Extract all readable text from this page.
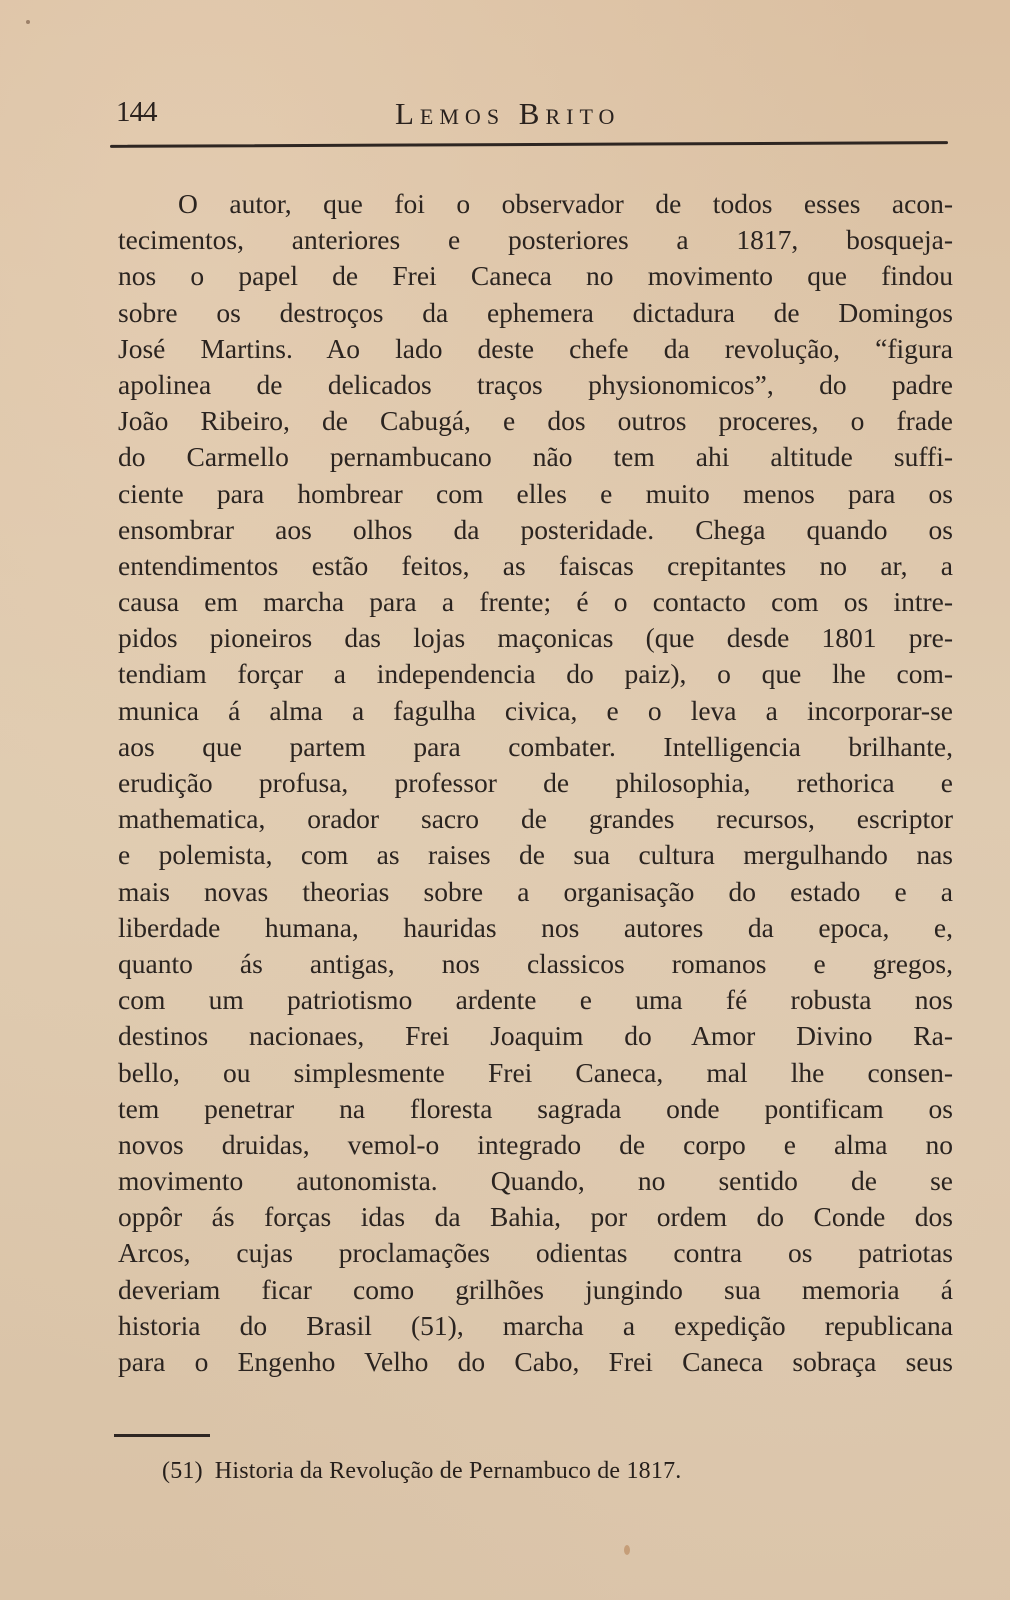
144	Lemos Brito
O autor, que foi o observador de todos esses acon-
tecimentos, anteriores e posteriores a 1817, bosqueja-
nos o papel de Frei Caneca no movimento que findou
sobre os destroços da ephemera dictadura de Domingos
José Martins. Ao lado deste chefe da revolução, “figura
apolinea de delicados traços physionomicos”, do padre
João Ribeiro, de Cabugá, e dos outros proceres, o frade
do Carmello pernambucano não tem ahi altitude suffi-
ciente para hombrear com elles e muito menos para os
ensombrar aos olhos da posteridade. Chega quando os
entendimentos estão feitos, as faiscas crepitantes no ar, a
causa em marcha para a frente; é o contacto com os intre-
pidos pioneiros das lojas maçonicas (que desde 1801 pre-
tendiam forçar a independencia do paiz), o que lhe com-
munica á alma a fagulha civica, e o leva a incorporar-se
aos que partem para combater. Intelligencia brilhante,
erudição profusa, professor de philosophia, rethorica e
mathematica, orador sacro de grandes recursos, escriptor
e polemista, com as raises de sua cultura mergulhando nas
mais novas theorias sobre a organisação do estado e a
liberdade humana, hauridas nos autores da epoca, e,
quanto ás antigas, nos classicos romanos e gregos,
com um patriotismo ardente e uma fé robusta nos
destinos nacionaes, Frei Joaquim do Amor Divino Ra-
bello, ou simplesmente Frei Caneca, mal lhe consen-
tem penetrar na floresta sagrada onde pontificam os
novos druidas, vemol-o integrado de corpo e alma no
movimento autonomista. Quando, no sentido de se
oppôr ás forças idas da Bahia, por ordem do Conde dos
Arcos, cujas proclamações odientas contra os patriotas
deveriam ficar como grilhões jungindo sua memoria á
historia do Brasil (51), marcha a expedição republicana
para o Engenho Velho do Cabo, Frei Caneca sobraça seus
(51) Historia da Revolução de Pernambuco de 1817.
